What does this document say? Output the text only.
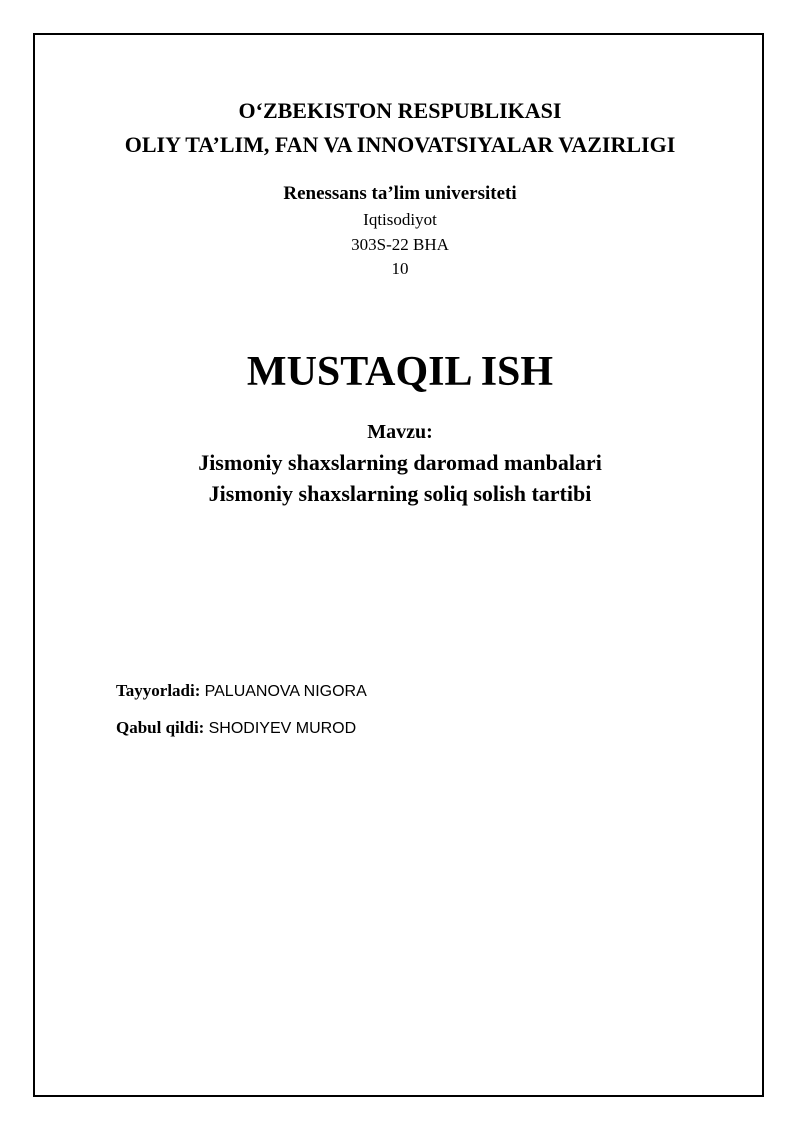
O‘ZBEKISTON RESPUBLIKASI
OLIY TA’LIM, FAN VA INNOVATSIYALAR VAZIRLIGI
Renessans ta’lim universiteti
Iqtisodiyot
303S-22 BHA
10
MUSTAQIL ISH
Mavzu:
Jismoniy shaxslarning daromad manbalari
Jismoniy shaxslarning soliq solish tartibi
Tayyorladi: PALUANOVA NIGORA
Qabul qildi: SHODIYEV MUROD
